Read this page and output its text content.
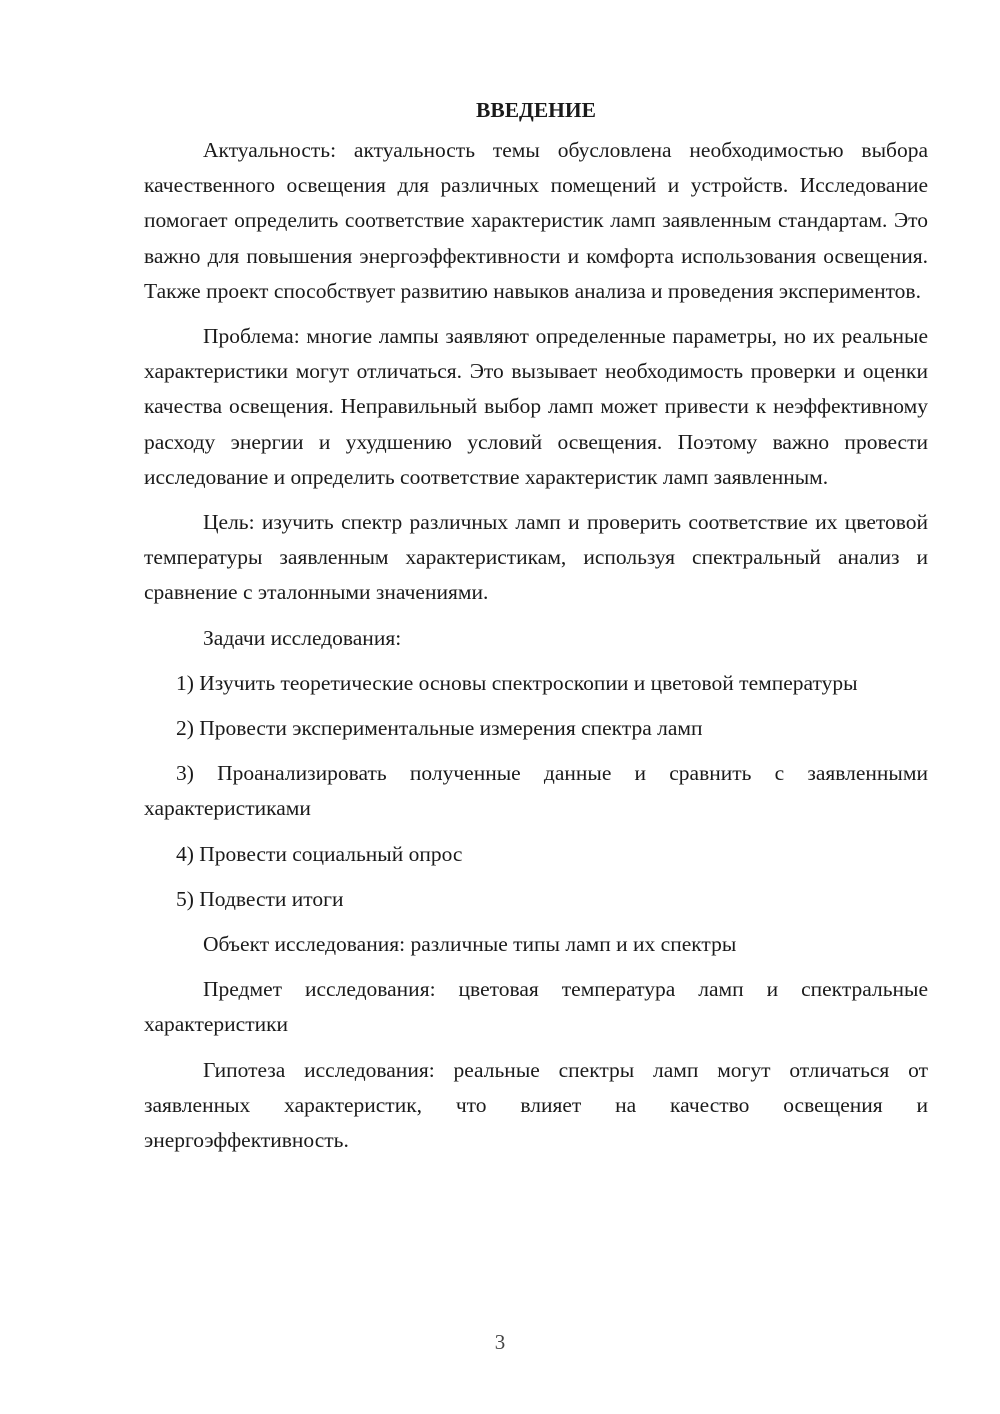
ВВЕДЕНИЕ

Актуальность: актуальность темы обусловлена необходимостью выбора качественного освещения для различных помещений и устройств. Исследование помогает определить соответствие характеристик ламп заявленным стандартам. Это важно для повышения энергоэффективности и комфорта использования освещения. Также проект способствует развитию навыков анализа и проведения экспериментов.

Проблема: многие лампы заявляют определенные параметры, но их реальные характеристики могут отличаться. Это вызывает необходимость проверки и оценки качества освещения. Неправильный выбор ламп может привести к неэффективному расходу энергии и ухудшению условий освещения. Поэтому важно провести исследование и определить соответствие характеристик ламп заявленным.

Цель: изучить спектр различных ламп и проверить соответствие их цветовой температуры заявленным характеристикам, используя спектральный анализ и сравнение с эталонными значениями.

Задачи исследования:

1) Изучить теоретические основы спектроскопии и цветовой температуры

2) Провести экспериментальные измерения спектра ламп

3) Проанализировать полученные данные и сравнить с заявленными характеристиками

4) Провести социальный опрос

5) Подвести итоги

Объект исследования: различные типы ламп и их спектры

Предмет исследования: цветовая температура ламп и спектральные характеристики

Гипотеза исследования: реальные спектры ламп могут отличаться от заявленных характеристик, что влияет на качество освещения и энергоэффективность.

3
